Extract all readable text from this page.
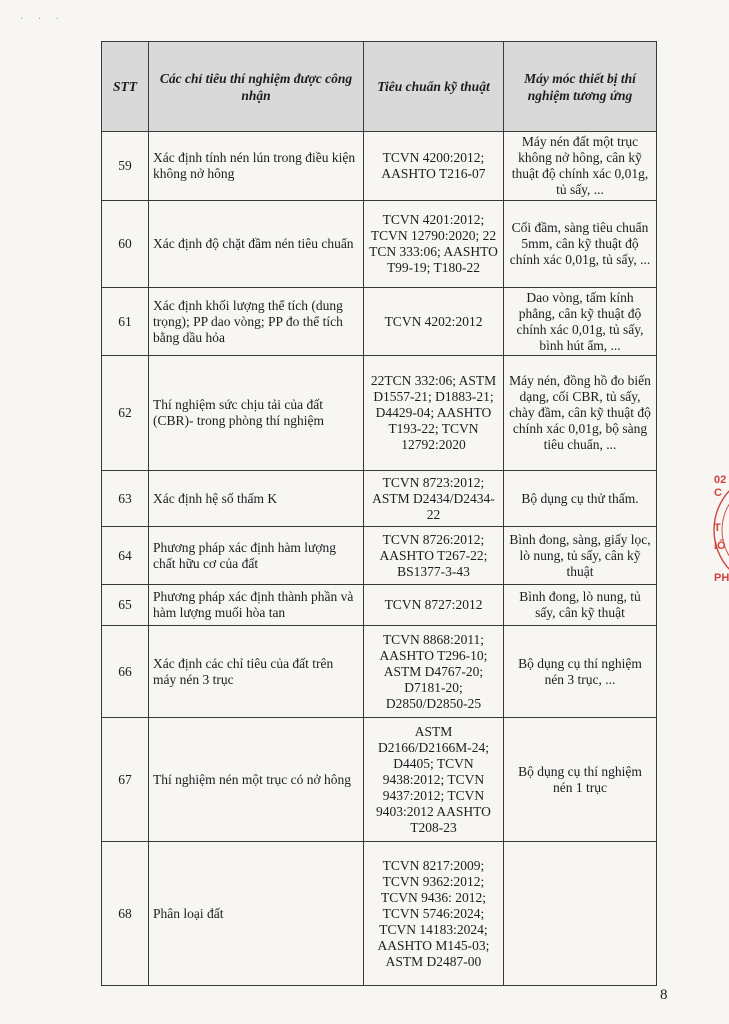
· · ·
STT	Các chỉ tiêu thí nghiệm được công nhận	Tiêu chuẩn kỹ thuật	Máy móc thiết bị thí nghiệm tương ứng
59	Xác định tính nén lún trong điều kiện không nở hông	TCVN 4200:2012; AASHTO T216-07	Máy nén đất một trục không nở hông, cân kỹ thuật độ chính xác 0,01g, tủ sấy, ...
60	Xác định độ chặt đầm nén tiêu chuẩn	TCVN 4201:2012; TCVN 12790:2020; 22 TCN 333:06; AASHTO T99-19; T180-22	Cối đầm, sàng tiêu chuẩn 5mm, cân kỹ thuật độ chính xác 0,01g, tủ sấy, ...
61	Xác định khối lượng thể tích (dung trọng); PP dao vòng; PP đo thể tích bằng dầu hỏa	TCVN 4202:2012	Dao vòng, tấm kính phẳng, cân kỹ thuật độ chính xác 0,01g, tủ sấy, bình hút ẩm, ...
62	Thí nghiệm sức chịu tải của đất (CBR)- trong phòng thí nghiệm	22TCN 332:06; ASTM D1557-21; D1883-21; D4429-04; AASHTO T193-22; TCVN 12792:2020	Máy nén, đồng hồ đo biến dạng, cối CBR, tủ sấy, chày đầm, cân kỹ thuật độ chính xác 0,01g, bộ sàng tiêu chuẩn, ...
63	Xác định hệ số thấm K	TCVN 8723:2012; ASTM D2434/D2434-22	Bộ dụng cụ thử thấm.
64	Phương pháp xác định hàm lượng chất hữu cơ của đất	TCVN 8726:2012; AASHTO T267-22; BS1377-3-43	Bình đong, sàng, giấy lọc, lò nung, tủ sấy, cân kỹ thuật
65	Phương pháp xác định thành phần và hàm lượng muối hòa tan	TCVN 8727:2012	Bình đong, lò nung, tủ sấy, cân kỹ thuật
66	Xác định các chỉ tiêu của đất trên máy nén 3 trục	TCVN 8868:2011; AASHTO T296-10; ASTM D4767-20; D7181-20; D2850/D2850-25	Bộ dụng cụ thí nghiệm nén 3 trục, ...
67	Thí nghiệm nén một trục có nở hông	ASTM D2166/D2166M-24; D4405; TCVN 9438:2012; TCVN 9437:2012; TCVN 9403:2012 AASHTO T208-23	Bộ dụng cụ thí nghiệm nén 1 trục
68	Phân loại đất	TCVN 8217:2009; TCVN 9362:2012; TCVN 9436: 2012; TCVN 5746:2024; TCVN 14183:2024; AASHTO M145-03; ASTM D2487-00	
02
C
T
IỐ
PH
8
